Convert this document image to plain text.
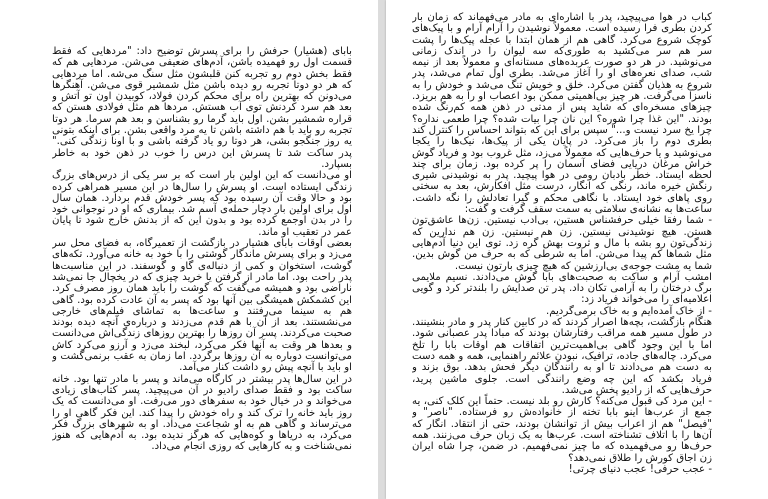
بابای (هشیار) حرفش را برای پسرش توضیح داد: "مردهایی که فقط قسمت اول رو فهمیده باشن، آدم‌های ضعیفی می‌شن. مردهایی هم که فقط بخش دوم رو تجربه کنن قلبشون مثل سنگ می‌شه. اما مردهایی که هر دو دوتا تجربه رو دیده باشن مثل شمشیر قوی می‌شن. آهنگرها می‌دونن که بهترین راه برای محکم کردن فولاد، کوبیدن اون تو آتش و بعد هم سرد کردنش توی آب هستش. مردها هم مثل فولادی هستن که قراره شمشیر بشن. اول باید گرما رو بشناسن و بعد هم سرما. هر دوتا تجربه رو باید با هم داشته باشن تا یه مرد واقعی بشن. برای اینکه بتونی یه روز جنگجو بشی، هر دوتا رو یاد گرفته باشی و با اونا زندگی کنی." پدر ساکت شد تا پسرش این درس را خوب در ذهن خود به خاطر بسپارد.
او می‌دانست که این اولین بار است که بر سر یکی از درس‌های بزرگ زندگی ایستاده است. او پسرش را سال‌ها در این مسیر همراهی کرده بود و حالا وقت آن رسیده بود که پسر خودش قدم بردارد. همان سال اول برای اولین بار دچار حمله‌ی آسم شد. بیماری که او در نوجوانی خود را در بدن اوجمع کرده بود و بدون این که از بدنش خارج شود تا پایان عمر در تعقیب او ماند.
بعضی اوقات بابای هشیار در بازگشت از تعمیرگاه، به فضای محل سر می‌زد و برای پسرش ماندگار گوشتی را با خود به خانه می‌آورد. تکه‌های گوشت، استخوان و کمی از دنباله‌ی گاو و گوسفند. در این مناسبت‌ها پدر راحت بود. اما مادر از گرفتن یا خرید چیزی که در یخچال جا نمی‌شد ناراضی بود و همیشه می‌گفت که گوشت را باید همان روز مصرف کرد. این کشمکش همیشگی بین آنها بود که پسر به آن عادت کرده بود. گاهی هم به سینما می‌رفتند و ساعت‌ها به تماشای فیلم‌های خارجی می‌نشستند. بعد از آن با هم قدم می‌زدند و درباره‌ی آنچه دیده بودند صحبت می‌کردند. پسر آن روزها را بهترین روزهای زندگی‌اش می‌دانست و بعدها هر وقت به آنها فکر می‌کرد، لبخند می‌زد و آرزو می‌کرد کاش می‌توانست دوباره به آن روزها برگردد. اما زمان به عقب برنمی‌گشت و او باید با آنچه پیش رو داشت کنار می‌آمد.
در این سال‌ها پدر بیشتر در کارگاه می‌ماند و پسر با مادر تنها بود. خانه ساکت بود و فقط صدای رادیو در آن می‌پیچید. پسر کتاب‌های زیادی می‌خواند و در خیال خود به سفرهای دور می‌رفت. او می‌دانست که یک روز باید خانه را ترک کند و راه خودش را پیدا کند. این فکر گاهی او را می‌ترساند و گاهی هم به او شجاعت می‌داد. او به شهرهای بزرگ فکر می‌کرد، به دریاها و کوه‌هایی که هرگز ندیده بود. به آدم‌هایی که هنوز نمی‌شناخت و به کارهایی که روزی انجام می‌داد.
کباب در هوا می‌پیچید، پدر با اشاره‌ای به مادر می‌فهماند که زمان بار کردن بطری فرا رسیده است. معمولاً نوشیدن را آرام آرام و با پیک‌های کوچک شروع می‌کرد. گاهی هم از همان ابتدا با عجله پیک‌ها را پشت سر هم سر می‌کشید به طوری‌که سه لیوان را در اندک زمانی می‌نوشید. در هر دو صورت عربده‌های مستانه‌ای و معمولاً بعد از نیمه شب، صدای نعره‌های او را آغاز می‌شد. بطری اول تمام می‌شد، پدر شروع به هذیان گفتن می‌کرد. خلق و خویش تنگ می‌شد و خودش را به ناسزا می‌گرفت. هر چیز بی‌اهمیتی ممکن بود اعصاب او را به هم بریزد. چیزهای مسخره‌ای که شاید پس از مدتی در ذهن همه کم‌رنگ شده بودند. "این غذا چرا شوره؟ این نان چرا بیات شده؟ چرا طعمی نداره؟ چرا یخ سرد نیست و..." سپس برای این که بتواند احساس را کنترل کند بطری دوم را باز می‌کرد. در پایان یکی از پیک‌ها، نیک‌ها را یکجا می‌نوشید و یا حرف‌هایی که معمولاً می‌زد، مثل غروب بود و فریاد گوش خراش مرغان دریایی فضای آسمان را پر کرده بود. زمان برای چند لحظه ایستاد. خطر بادبان رومی در هوا پیچید. پدر به نوشیدنی شیری رنگش خیره ماند، رنگی که انگار، درست مثل افکارش، بعد به سختی روی پاهای خود ایستاد. با نگاهی محکم و گیرا تعادلش را نگه داشت. ساعت‌ها به نشانه‌ی سلامتی به سمت سقف گرفت و گفت:
- شما رفقا خیلی حرفشناس هستین، بی‌ادب نیستین. زن‌ها عاشق‌تون هستن. هیچ نوشیدنی نیستین. زن هم نیستین. زن هم ندارین که زندگی‌تون رو بشه با مال و ثروت بهش گره زد. توی این دنیا آدم‌هایی مثل شماها کم پیدا می‌شن. اما به شرطی که به حرف من گوش بدین. شما یه مشت جوجه‌ی بی‌ارزشین که هیچ چیزی بارتون نیست.
امشب آرام و ساکت به صحبت‌های بابا گوش می‌دادند. نسیم ملایمی برگ درختان را به آرامی تکان داد. پدر تن صدایش را بلندتر کرد و گویی اعلامیه‌ای را می‌خواند فریاد زد:
- از خاک آمده‌ایم و به خاک برمی‌گردیم.
هنگام بازگشت، بچه‌ها اصرار کردند که در کابین کنار پدر و مادر بنشینند. در طول مسیر همه مراقب رفتارشان بودند که مبادا پدر عصبانی شود. اما با این وجود گاهی بی‌اهمیت‌ترین اتفاقات هم اوقات بابا را تلخ می‌کرد. چاله‌های جاده، ترافیک، نبودن علائم راهنمایی، همه و همه دست به دست هم می‌دادند تا او به رانندگان دیگر فحش بدهد. بوق بزند و فریاد بکشد که این چه وضع رانندگی است. جلوی ماشین پرید، حرف‌هایی که از رادیو پخش می‌شد.
- این مرد کی قبول می‌کنه؟ کارش رو بلد نیست. حتماً این کلک کنی، یه جمع از عرب‌ها اینو بابا تخته از خانواده‌ش رو فرستاده. "ناصر" و "فیصل" هم از اعراب بیش از توانشان بودند، حتی از انتقاد. انگار که آن‌ها را با اتلاف تشناخته است. عرب‌ها به یک زبان حرف می‌زنند. همه حرف‌ها رو می‌فهمیده که ما چیز نمی‌فهمیم. در ضمن، چرا شاه ایران زن اجاق کورش را طلاق نمی‌دهد؟
- عجب حرفی! عجب دنیای چرتی!
